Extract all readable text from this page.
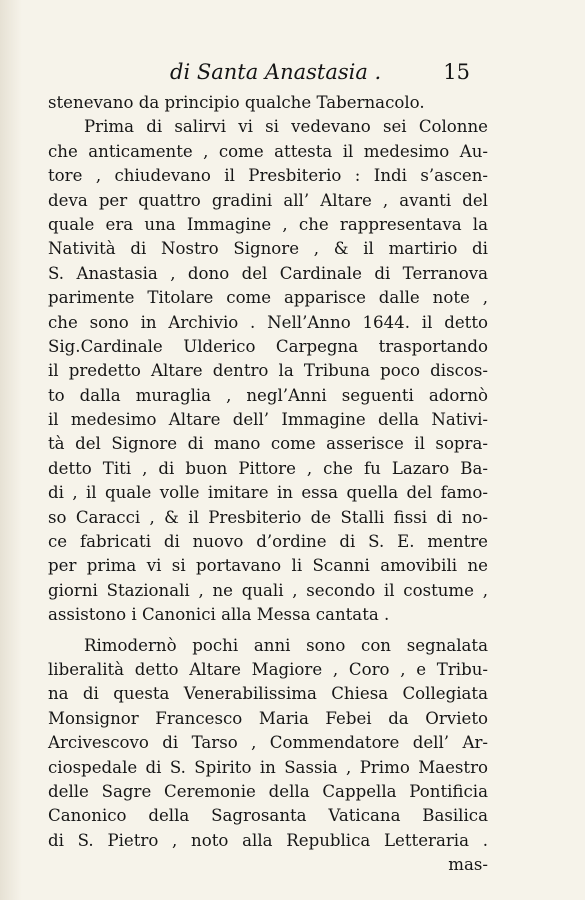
di Santa Anastasia .	15
stenevano da principio qualche Tabernacolo.
Prima di salirvi vi si vedevano sei Colonne
che anticamente , come attesta il medesimo Au-
tore , chiudevano il Presbiterio : Indi s’ascen-
deva per quattro gradini all’ Altare , avanti del
quale era una Immagine , che rappresentava la
Natività di Nostro Signore , & il martirio di
S. Anastasia , dono del Cardinale di Terranova
parimente Titolare come apparisce dalle note ,
che sono in Archivio . Nell’Anno 1644. il detto
Sig.Cardinale Ulderico Carpegna trasportando
il predetto Altare dentro la Tribuna poco discos-
to dalla muraglia , negl’Anni seguenti adornò
il medesimo Altare dell’ Immagine della Nativi-
tà del Signore di mano come asserisce il sopra-
detto Titi , di buon Pittore , che fu Lazaro Ba-
di , il quale volle imitare in essa quella del famo-
so Caracci , & il Presbiterio de Stalli fissi di no-
ce fabricati di nuovo d’ordine di S. E. mentre
per prima vi si portavano li Scanni amovibili ne
giorni Stazionali , ne quali , secondo il costume ,
assistono i Canonici alla Messa cantata .
Rimodernò pochi anni sono con segnalata
liberalità detto Altare Magiore , Coro , e Tribu-
na di questa Venerabilissima Chiesa Collegiata
Monsignor Francesco Maria Febei da Orvieto
Arcivescovo di Tarso , Commendatore dell’ Ar-
ciospedale di S. Spirito in Sassia , Primo Maestro
delle Sagre Ceremonie della Cappella Pontificia
Canonico della Sagrosanta Vaticana Basilica
di S. Pietro , noto alla Republica Letteraria .
mas-
